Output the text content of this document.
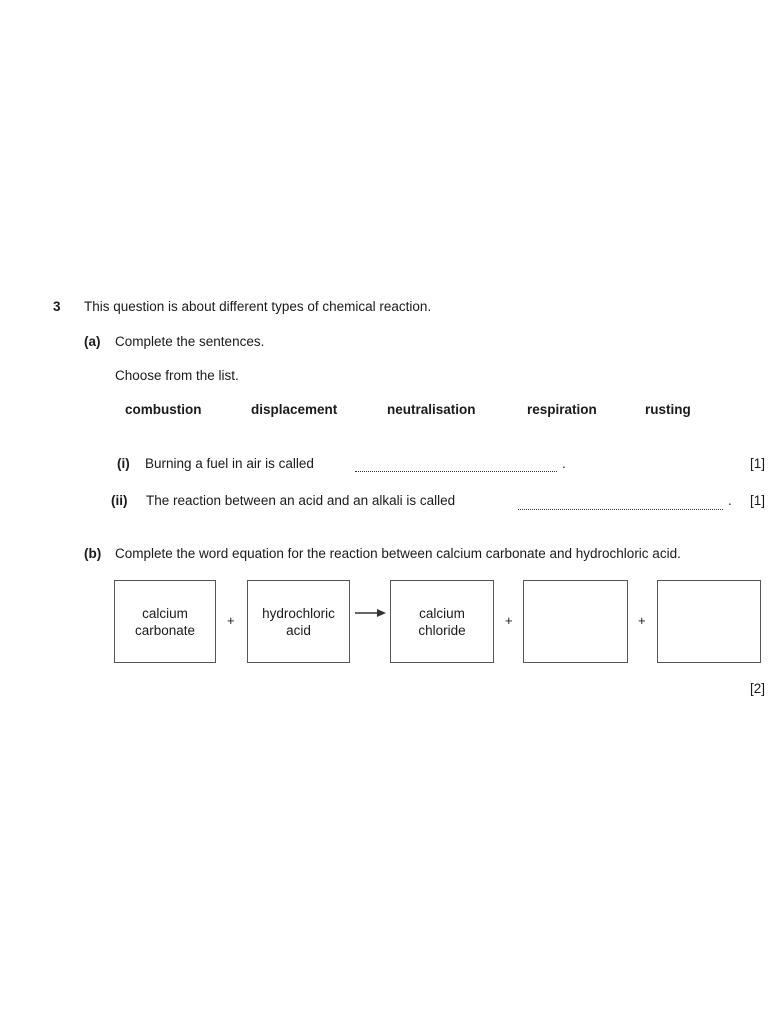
3 This question is about different types of chemical reaction.
(a) Complete the sentences.
Choose from the list.
combustion	displacement	neutralisation	respiration	rusting
(i) Burning a fuel in air is called	.	[1]
(ii) The reaction between an acid and an alkali is called	. [1]
(b) Complete the word equation for the reaction between calcium carbonate and hydrochloric acid.
calcium
carbonate
+ hydrochloric
acid
calcium
chloride
+	+
[2]
